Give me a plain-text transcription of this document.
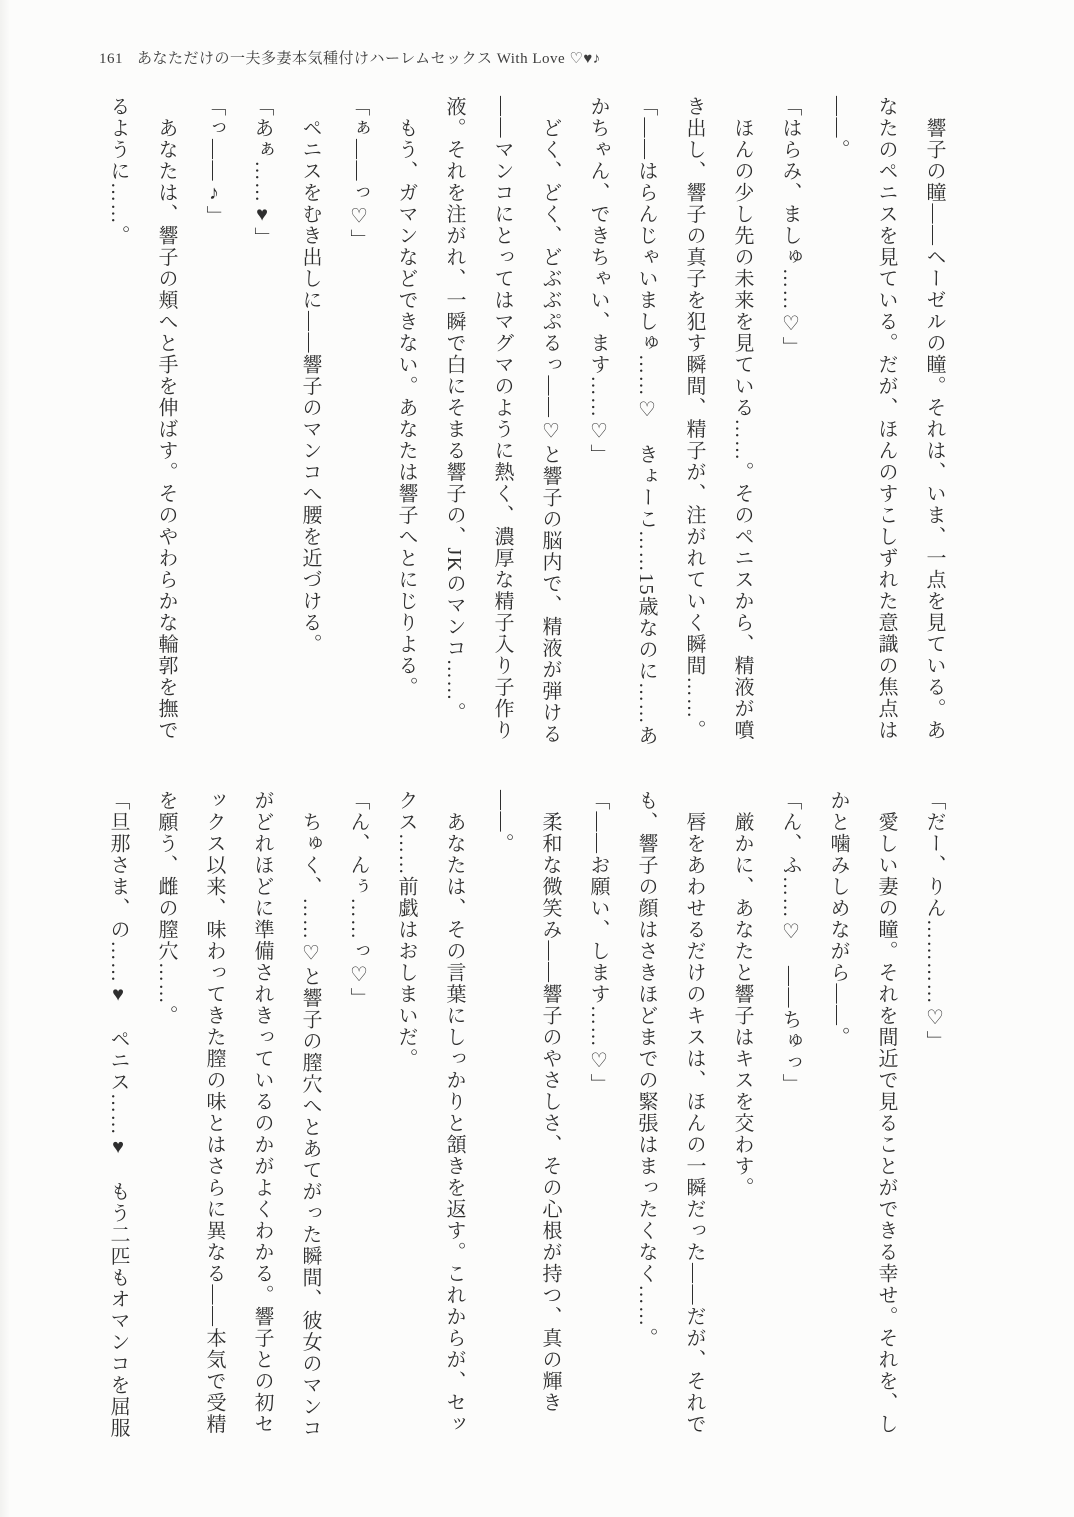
161 あなただけの一夫多妻本気種付けハーレムセックス With Love ♡♥♪
　響子の瞳——ヘーゼルの瞳。それは、いま、一点を見ている。あ
なたのペニスを見ている。だが、ほんのすこしずれた意識の焦点は
——。
「はらみ、ましゅ……♡」
　ほんの少し先の未来を見ている……。そのペニスから、精液が噴
き出し、響子の真子を犯す瞬間、精子が、注がれていく瞬間……。
「——はらんじゃいましゅ……♡　きょーこ……15歳なのに……あ
かちゃん、できちゃい、ます……♡」
　どく、どく、どぶぶぷるっ——♡と響子の脳内で、精液が弾ける
——マンコにとってはマグマのように熱く、濃厚な精子入り子作り
液。それを注がれ、一瞬で白にそまる響子の、JKのマンコ……。
　もう、ガマンなどできない。あなたは響子へとにじりよる。
「ぁ——っ♡」
　ペニスをむき出しに——響子のマンコへ腰を近づける。
「あぁ……♥」
「っ——♪」
　あなたは、響子の頬へと手を伸ばす。そのやわらかな輪郭を撫で
るように……。
「だー、りん…………♡」
　愛しい妻の瞳。それを間近で見ることができる幸せ。それを、し
かと噛みしめながら——。
「ん、ふ……♡　——ちゅっ」
　厳かに、あなたと響子はキスを交わす。
　唇をあわせるだけのキスは、ほんの一瞬だった——だが、それで
も、響子の顔はさきほどまでの緊張はまったくなく……。
「——お願い、します……♡」
　柔和な微笑み——響子のやさしさ、その心根が持つ、真の輝き
——。
　あなたは、その言葉にしっかりと頷きを返す。これからが、セッ
クス……前戯はおしまいだ。
「ん、んぅ……っ♡」
　ちゅく、……♡と響子の膣穴へとあてがった瞬間、彼女のマンコ
がどれほどに準備されきっているのかがよくわかる。響子との初セ
ックス以来、味わってきた膣の味とはさらに異なる——本気で受精
を願う、雌の膣穴……。
「旦那さま、の……♥　ペニス……♥　もう二匹もオマンコを屈服
